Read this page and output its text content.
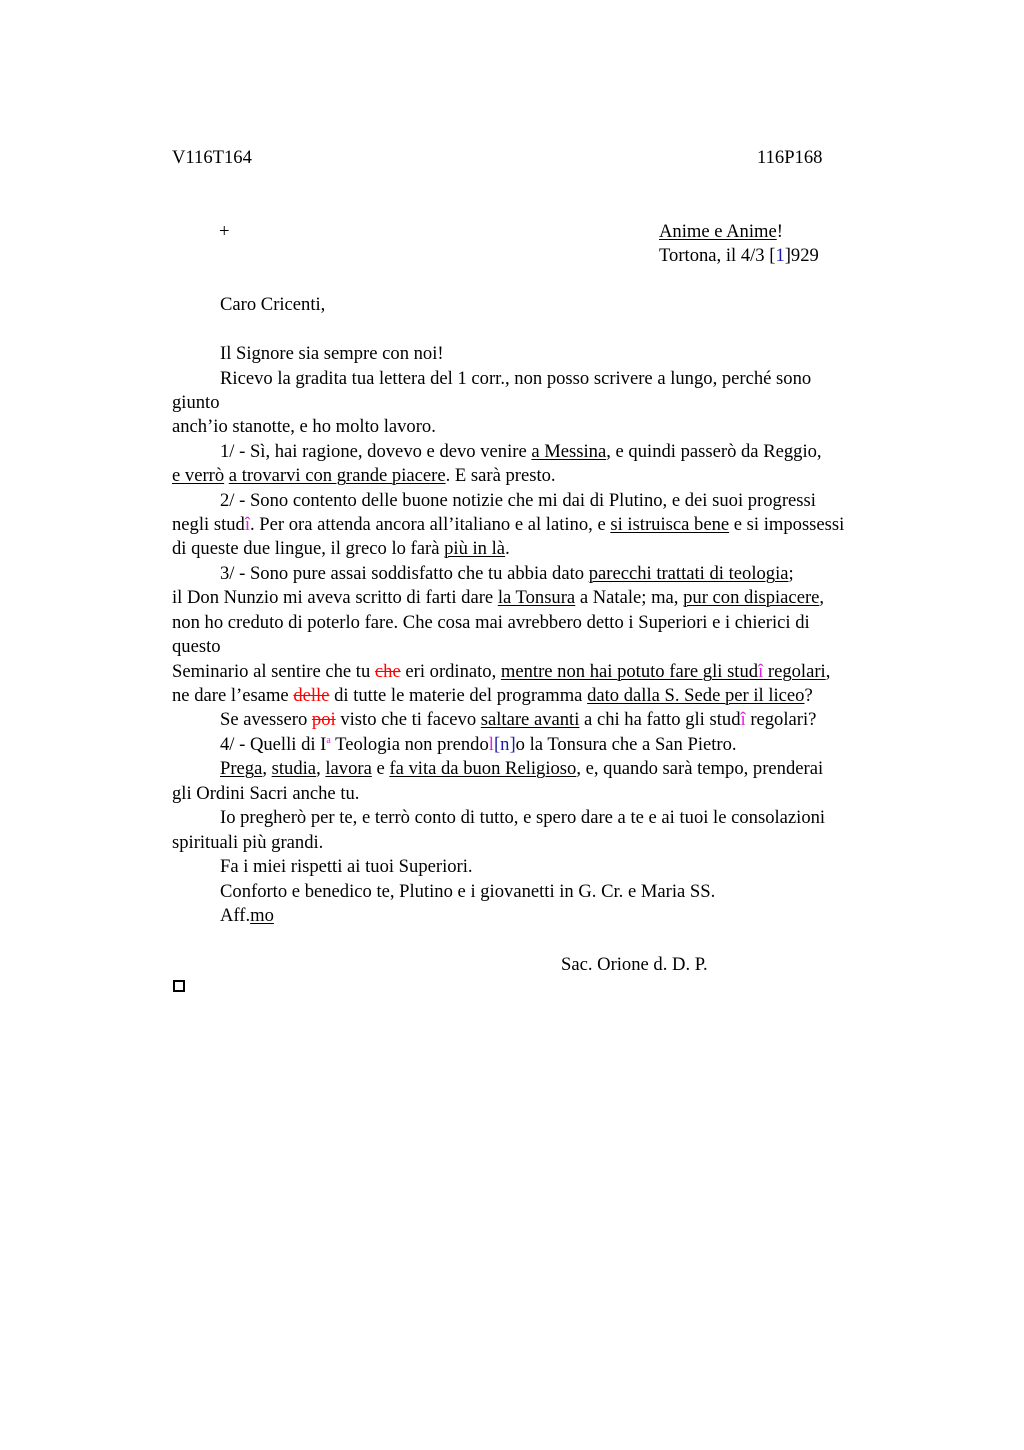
V116T164	116P168
+	Anime e Anime!
Tortona, il 4/3 [1]929
Caro Cricenti,
Il Signore sia sempre con noi!
Ricevo la gradita tua lettera del 1 corr., non posso scrivere a lungo, perché sono
giunto
anch’io stanotte, e ho molto lavoro.
1/ - Sì, hai ragione, dovevo e devo venire a Messina, e quindi passerò da Reggio,
e verrò a trovarvi con grande piacere. E sarà presto.
2/ - Sono contento delle buone notizie che mi dai di Plutino, e dei suoi progressi
negli studî. Per ora attenda ancora all’italiano e al latino, e si istruisca bene e si impossessi
di queste due lingue, il greco lo farà più in là.
3/ - Sono pure assai soddisfatto che tu abbia dato parecchi trattati di teologia;
il Don Nunzio mi aveva scritto di farti dare la Tonsura a Natale; ma, pur con dispiacere,
non ho creduto di poterlo fare. Che cosa mai avrebbero detto i Superiori e i chierici di
questo
Seminario al sentire che tu che eri ordinato, mentre non hai potuto fare gli studî regolari,
ne dare l’esame delle di tutte le materie del programma dato dalla S. Sede per il liceo?
Se avessero poi visto che ti facevo saltare avanti a chi ha fatto gli studî regolari?
4/ - Quelli di $I^a$ Teologia non prendol[n]o la Tonsura che a San Pietro.
Prega, studia, lavora e fa vita da buon Religioso, e, quando sarà tempo, prenderai
gli Ordini Sacri anche tu.
Io pregherò per te, e terrò conto di tutto, e spero dare a te e ai tuoi le consolazioni
spirituali più grandi.
Fa i miei rispetti ai tuoi Superiori.
Conforto e benedico te, Plutino e i giovanetti in G. Cr. e Maria SS.
Aff.mo
Sac. Orione d. D. P.
